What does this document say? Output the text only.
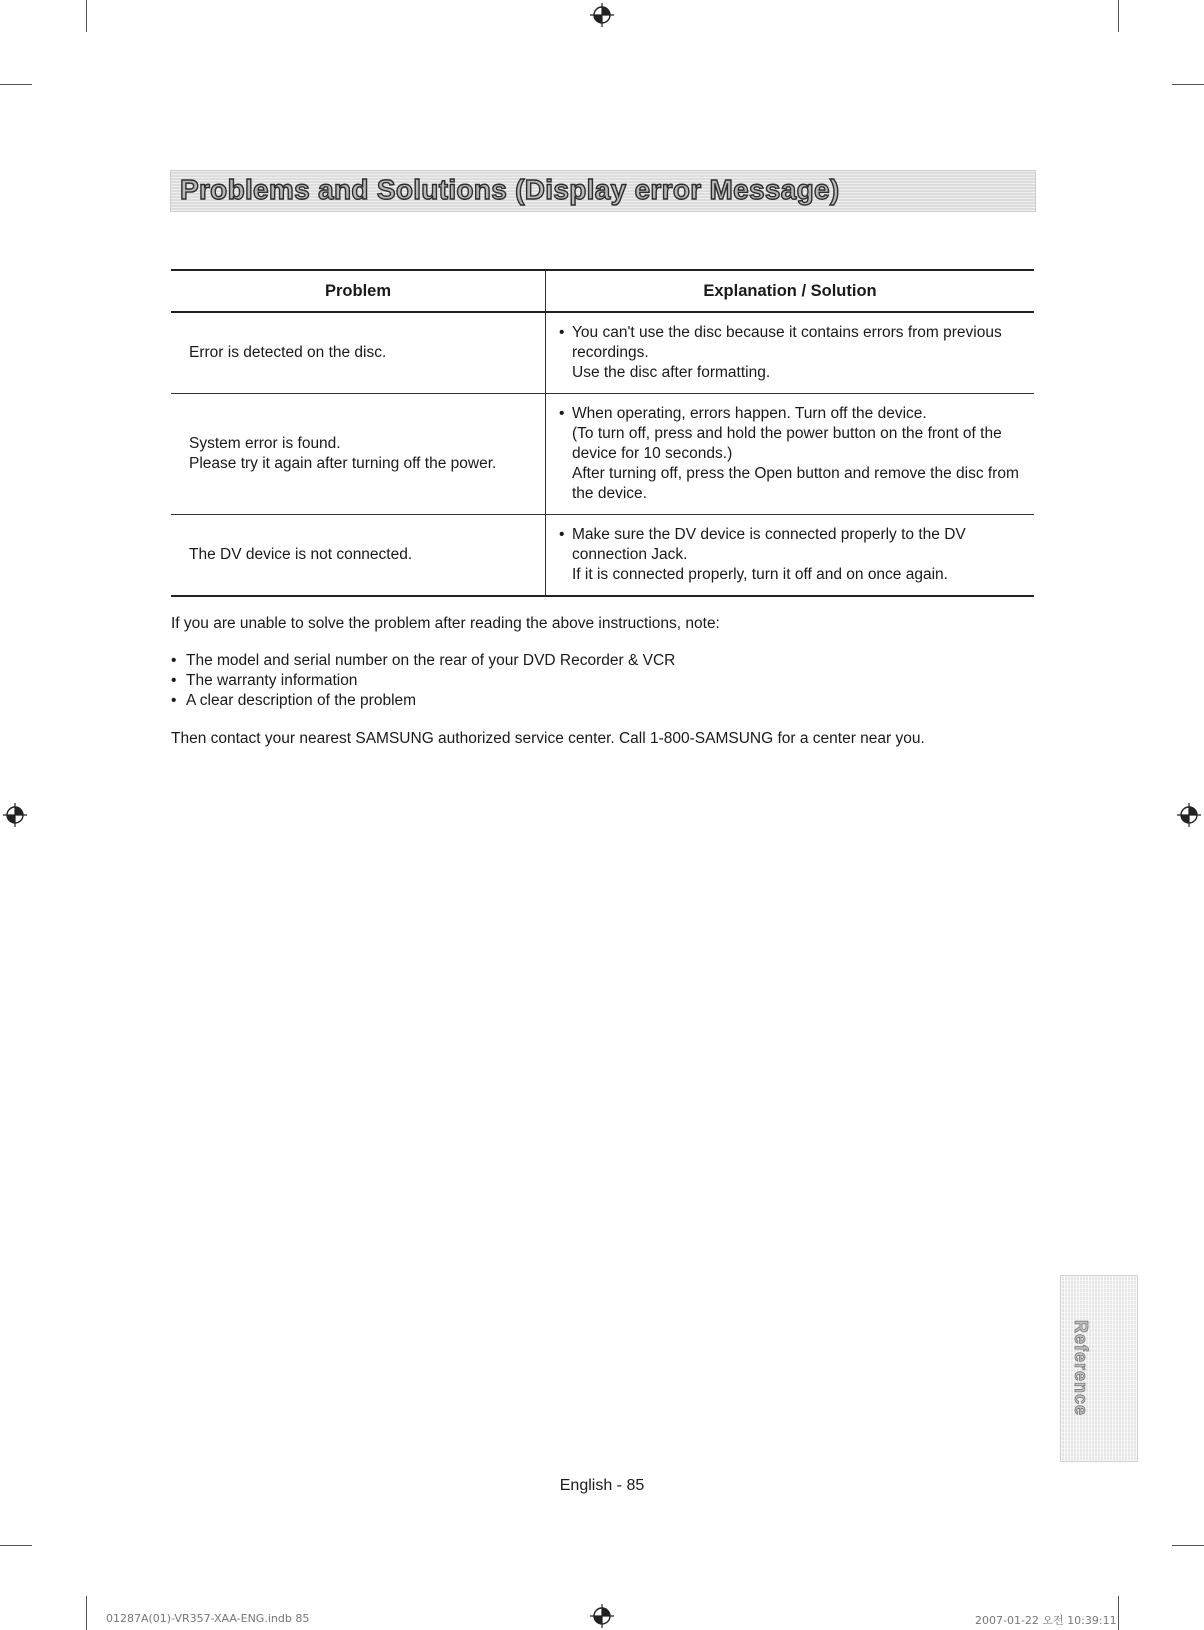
Problems and Solutions (Display error Message)
Problem	Explanation / Solution
Error is detected on the disc.	• You can't use the disc because it contains errors from previous
recordings.
Use the disc after formatting.

System error is found.
Please try it again after turning off the power.	• When operating, errors happen. Turn off the device.
(To turn off, press and hold the power button on the front of the
device for 10 seconds.)
After turning off, press the Open button and remove the disc from
the device.

The DV device is not connected.	• Make sure the DV device is connected properly to the DV
connection Jack.
If it is connected properly, turn it off and on once again.
If you are unable to solve the problem after reading the above instructions, note:
• The model and serial number on the rear of your DVD Recorder & VCR
• The warranty information
• A clear description of the problem
Then contact your nearest SAMSUNG authorized service center. Call 1-800-SAMSUNG for a center near you.
Reference
English - 85
01287A(01)-VR357-XAA-ENG.indb 85	2007-01-22 오전 10:39:11
